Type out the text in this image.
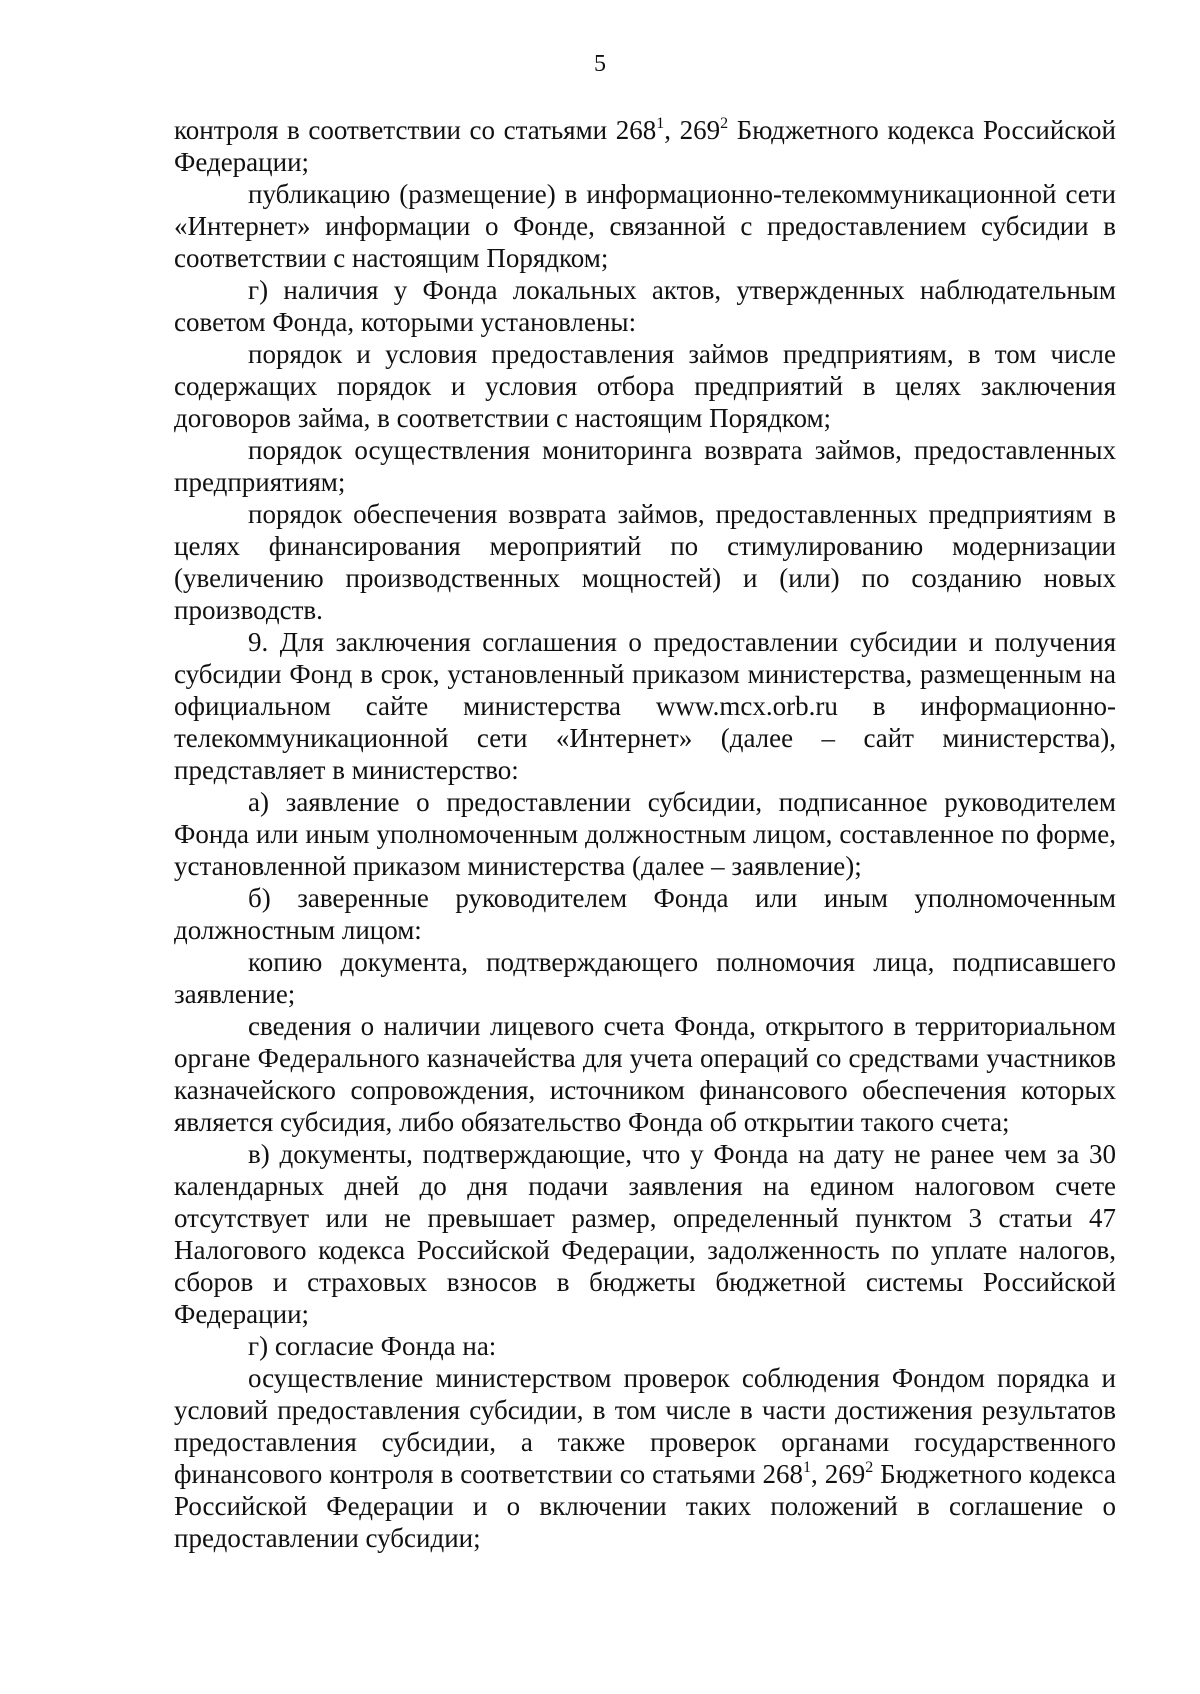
5

контроля в соответствии со статьями $268^1$, $269^2$ Бюджетного кодекса Российской Федерации;

публикацию (размещение) в информационно-телекоммуникационной сети «Интернет» информации о Фонде, связанной с предоставлением субсидии в соответствии с настоящим Порядком;

г) наличия у Фонда локальных актов, утвержденных наблюдательным советом Фонда, которыми установлены:

порядок и условия предоставления займов предприятиям, в том числе содержащих порядок и условия отбора предприятий в целях заключения договоров займа, в соответствии с настоящим Порядком;

порядок осуществления мониторинга возврата займов, предоставленных предприятиям;

порядок обеспечения возврата займов, предоставленных предприятиям в целях финансирования мероприятий по стимулированию модернизации (увеличению производственных мощностей) и (или) по созданию новых производств.

9. Для заключения соглашения о предоставлении субсидии и получения субсидии Фонд в срок, установленный приказом министерства, размещенным на официальном сайте министерства www.mcx.orb.ru в информационно-телекоммуникационной сети «Интернет» (далее – сайт министерства), представляет в министерство:

а) заявление о предоставлении субсидии, подписанное руководителем Фонда или иным уполномоченным должностным лицом, составленное по форме, установленной приказом министерства (далее – заявление);

б) заверенные руководителем Фонда или иным уполномоченным должностным лицом:

копию документа, подтверждающего полномочия лица, подписавшего заявление;

сведения о наличии лицевого счета Фонда, открытого в территориальном органе Федерального казначейства для учета операций со средствами участников казначейского сопровождения, источником финансового обеспечения которых является субсидия, либо обязательство Фонда об открытии такого счета;

в) документы, подтверждающие, что у Фонда на дату не ранее чем за 30 календарных дней до дня подачи заявления на едином налоговом счете отсутствует или не превышает размер, определенный пунктом 3 статьи 47 Налогового кодекса Российской Федерации, задолженность по уплате налогов, сборов и страховых взносов в бюджеты бюджетной системы Российской Федерации;

г) согласие Фонда на:

осуществление министерством проверок соблюдения Фондом порядка и условий предоставления субсидии, в том числе в части достижения результатов предоставления субсидии, а также проверок органами государственного финансового контроля в соответствии со статьями $268^1$, $269^2$ Бюджетного кодекса Российской Федерации и о включении таких положений в соглашение о предоставлении субсидии;
